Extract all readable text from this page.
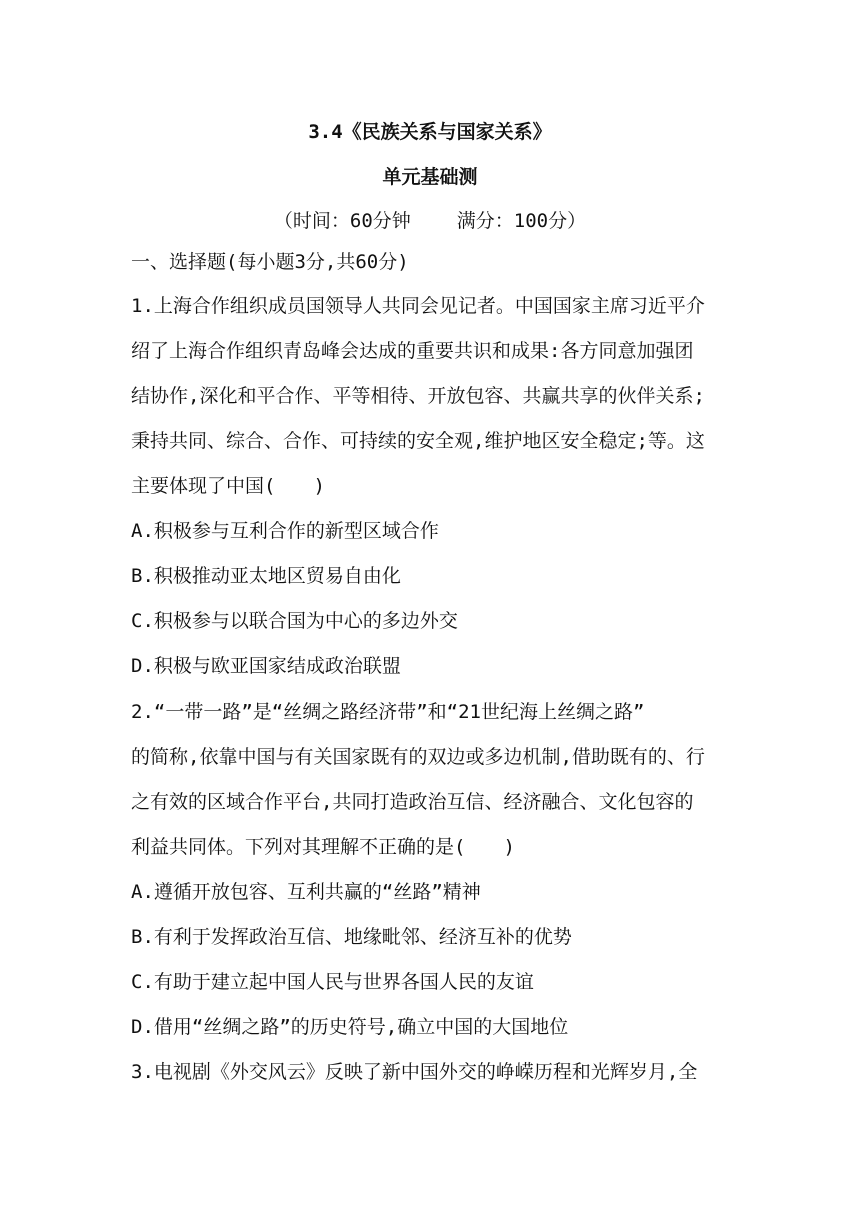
3.4《民族关系与国家关系》
单元基础测
（时间：60分钟 满分：100分）
一、选择题(每小题3分,共60分)
1.上海合作组织成员国领导人共同会见记者。中国国家主席习近平介
绍了上海合作组织青岛峰会达成的重要共识和成果:各方同意加强团
结协作,深化和平合作、平等相待、开放包容、共赢共享的伙伴关系;
秉持共同、综合、合作、可持续的安全观,维护地区安全稳定;等。这
主要体现了中国(　　)
A.积极参与互利合作的新型区域合作
B.积极推动亚太地区贸易自由化
C.积极参与以联合国为中心的多边外交
D.积极与欧亚国家结成政治联盟
2.“一带一路”是“丝绸之路经济带”和“21世纪海上丝绸之路”
的简称,依靠中国与有关国家既有的双边或多边机制,借助既有的、行
之有效的区域合作平台,共同打造政治互信、经济融合、文化包容的
利益共同体。下列对其理解不正确的是(　　)
A.遵循开放包容、互利共赢的“丝路”精神
B.有利于发挥政治互信、地缘毗邻、经济互补的优势
C.有助于建立起中国人民与世界各国人民的友谊
D.借用“丝绸之路”的历史符号,确立中国的大国地位
3.电视剧《外交风云》反映了新中国外交的峥嵘历程和光辉岁月,全
